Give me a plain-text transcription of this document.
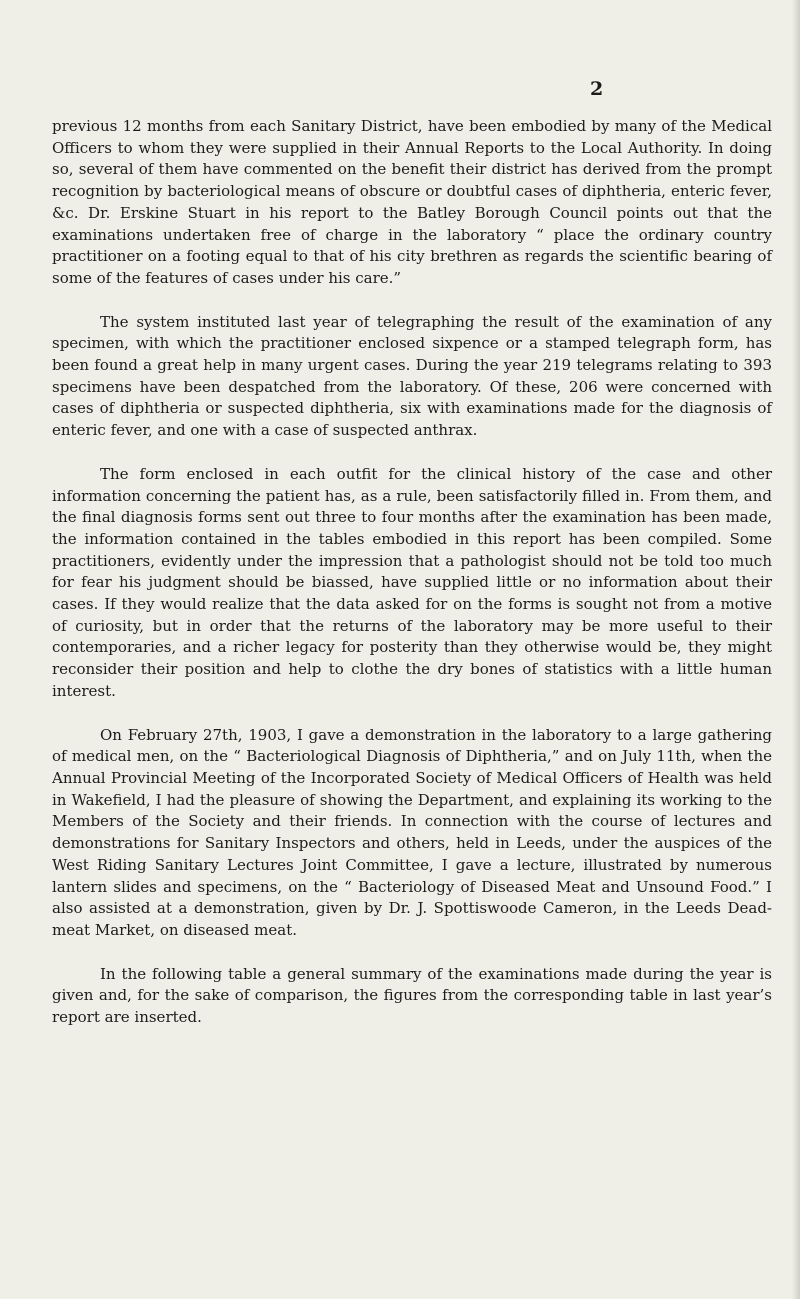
2

previous 12 months from each Sanitary District, have been embodied by many of the Medical Officers to whom they were supplied in their Annual Reports to the Local Authority. In doing so, several of them have commented on the benefit their district has derived from the prompt recognition by bacteriological means of obscure or doubtful cases of diphtheria, enteric fever, &c. Dr. Erskine Stuart in his report to the Batley Borough Council points out that the examinations undertaken free of charge in the laboratory “ place the ordinary country practitioner on a footing equal to that of his city brethren as regards the scientific bearing of some of the features of cases under his care.”

The system instituted last year of telegraphing the result of the examination of any specimen, with which the practitioner enclosed sixpence or a stamped telegraph form, has been found a great help in many urgent cases. During the year 219 telegrams relating to 393 specimens have been despatched from the laboratory. Of these, 206 were concerned with cases of diphtheria or suspected diphtheria, six with examinations made for the diagnosis of enteric fever, and one with a case of suspected anthrax.

The form enclosed in each outfit for the clinical history of the case and other information concerning the patient has, as a rule, been satisfactorily filled in. From them, and the final diagnosis forms sent out three to four months after the examination has been made, the information contained in the tables embodied in this report has been compiled. Some practitioners, evidently under the impression that a pathologist should not be told too much for fear his judgment should be biassed, have supplied little or no information about their cases. If they would realize that the data asked for on the forms is sought not from a motive of curiosity, but in order that the returns of the laboratory may be more useful to their contemporaries, and a richer legacy for posterity than they otherwise would be, they might reconsider their position and help to clothe the dry bones of statistics with a little human interest.

On February 27th, 1903, I gave a demonstration in the laboratory to a large gathering of medical men, on the “ Bacteriological Diagnosis of Diphtheria,” and on July 11th, when the Annual Provincial Meeting of the Incorporated Society of Medical Officers of Health was held in Wakefield, I had the pleasure of showing the Department, and explaining its working to the Members of the Society and their friends. In connection with the course of lectures and demonstrations for Sanitary Inspectors and others, held in Leeds, under the auspices of the West Riding Sanitary Lectures Joint Committee, I gave a lecture, illustrated by numerous lantern slides and specimens, on the “ Bacteriology of Diseased Meat and Unsound Food.” I also assisted at a demonstration, given by Dr. J. Spottiswoode Cameron, in the Leeds Dead-meat Market, on diseased meat.

In the following table a general summary of the examinations made during the year is given and, for the sake of comparison, the figures from the corresponding table in last year’s report are inserted.
